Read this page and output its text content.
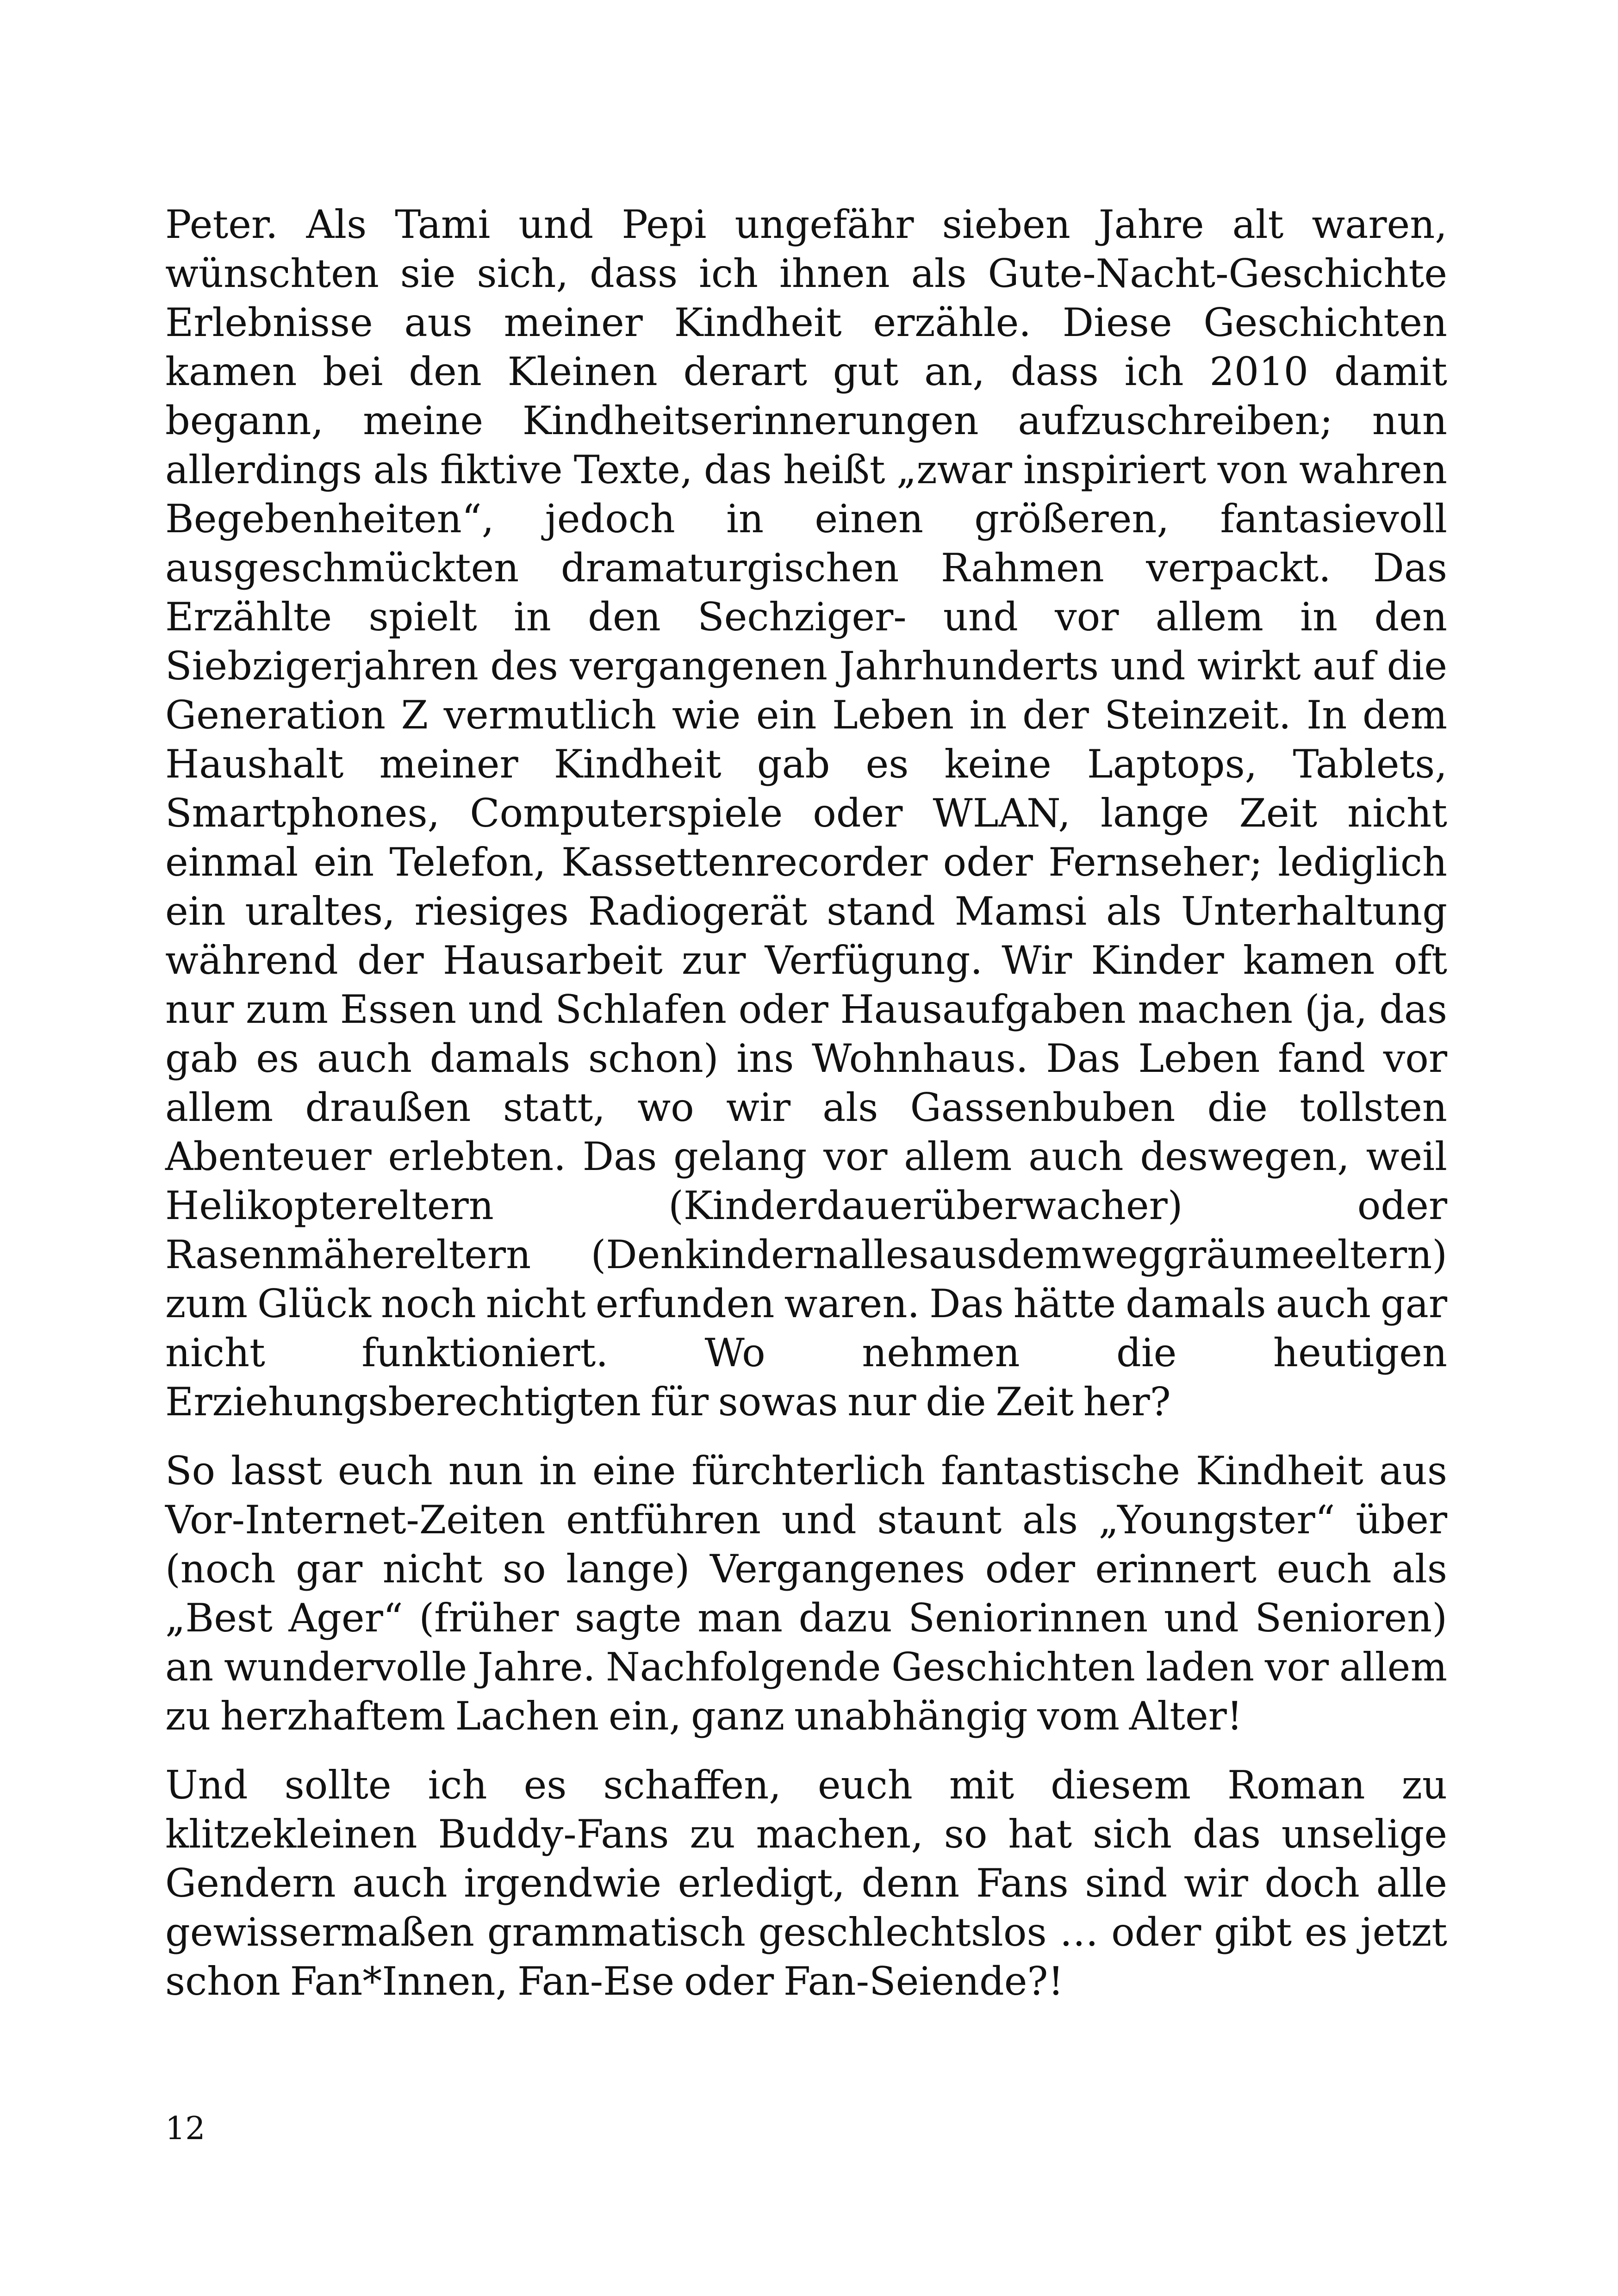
Peter. Als Tami und Pepi ungefähr sieben Jahre alt waren, wünschten sie sich, dass ich ihnen als Gute-Nacht-Geschichte Erlebnisse aus meiner Kindheit erzähle. Diese Geschichten kamen bei den Kleinen derart gut an, dass ich 2010 damit begann, meine Kindheitserinnerungen aufzuschreiben; nun allerdings als fiktive Texte, das heißt „zwar inspiriert von wahren Begebenheiten“, jedoch in einen größeren, fantasievoll ausgeschmückten dramaturgischen Rahmen verpackt. Das Erzählte spielt in den Sechziger- und vor allem in den Siebzigerjahren des vergangenen Jahrhunderts und wirkt auf die Generation Z vermutlich wie ein Leben in der Steinzeit. In dem Haushalt meiner Kindheit gab es keine Laptops, Tablets, Smartphones, Computerspiele oder WLAN, lange Zeit nicht einmal ein Telefon, Kassettenrecorder oder Fernseher; lediglich ein uraltes, riesiges Radiogerät stand Mamsi als Unterhaltung während der Hausarbeit zur Verfügung. Wir Kinder kamen oft nur zum Essen und Schlafen oder Hausaufgaben machen (ja, das gab es auch damals schon) ins Wohnhaus. Das Leben fand vor allem draußen statt, wo wir als Gassenbuben die tollsten Abenteuer erlebten. Das gelang vor allem auch deswegen, weil Helikoptereltern (Kinderdauerüberwacher) oder Rasenmähereltern (Denkindernallesausdemweggräumeeltern) zum Glück noch nicht erfunden waren. Das hätte damals auch gar nicht funktioniert. Wo nehmen die heutigen Erziehungsberechtigten für sowas nur die Zeit her?

So lasst euch nun in eine fürchterlich fantastische Kindheit aus Vor-Internet-Zeiten entführen und staunt als „Youngster“ über (noch gar nicht so lange) Vergangenes oder erinnert euch als „Best Ager“ (früher sagte man dazu Seniorinnen und Senioren) an wundervolle Jahre. Nachfolgende Geschichten laden vor allem zu herzhaftem Lachen ein, ganz unabhängig vom Alter!

Und sollte ich es schaffen, euch mit diesem Roman zu klitzekleinen Buddy-Fans zu machen, so hat sich das unselige Gendern auch irgendwie erledigt, denn Fans sind wir doch alle gewissermaßen grammatisch geschlechtslos … oder gibt es jetzt schon Fan*Innen, Fan-Ese oder Fan-Seiende?!

12
